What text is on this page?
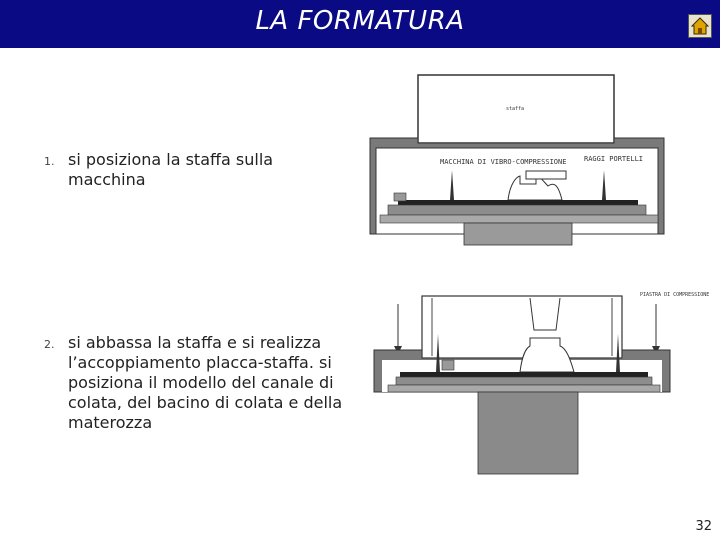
LA FORMATURA
1. si posiziona la staffa sulla macchina
2. si abbassa la staffa e si realizza l’accoppiamento placca-staffa. si posiziona il modello del canale di colata, del bacino di colata e della materozza
staffa
MACCHINA DI VIBRO-COMPRESSIONE	RAGGI PORTELLI
PIASTRA DI COMPRESSIONE
32
